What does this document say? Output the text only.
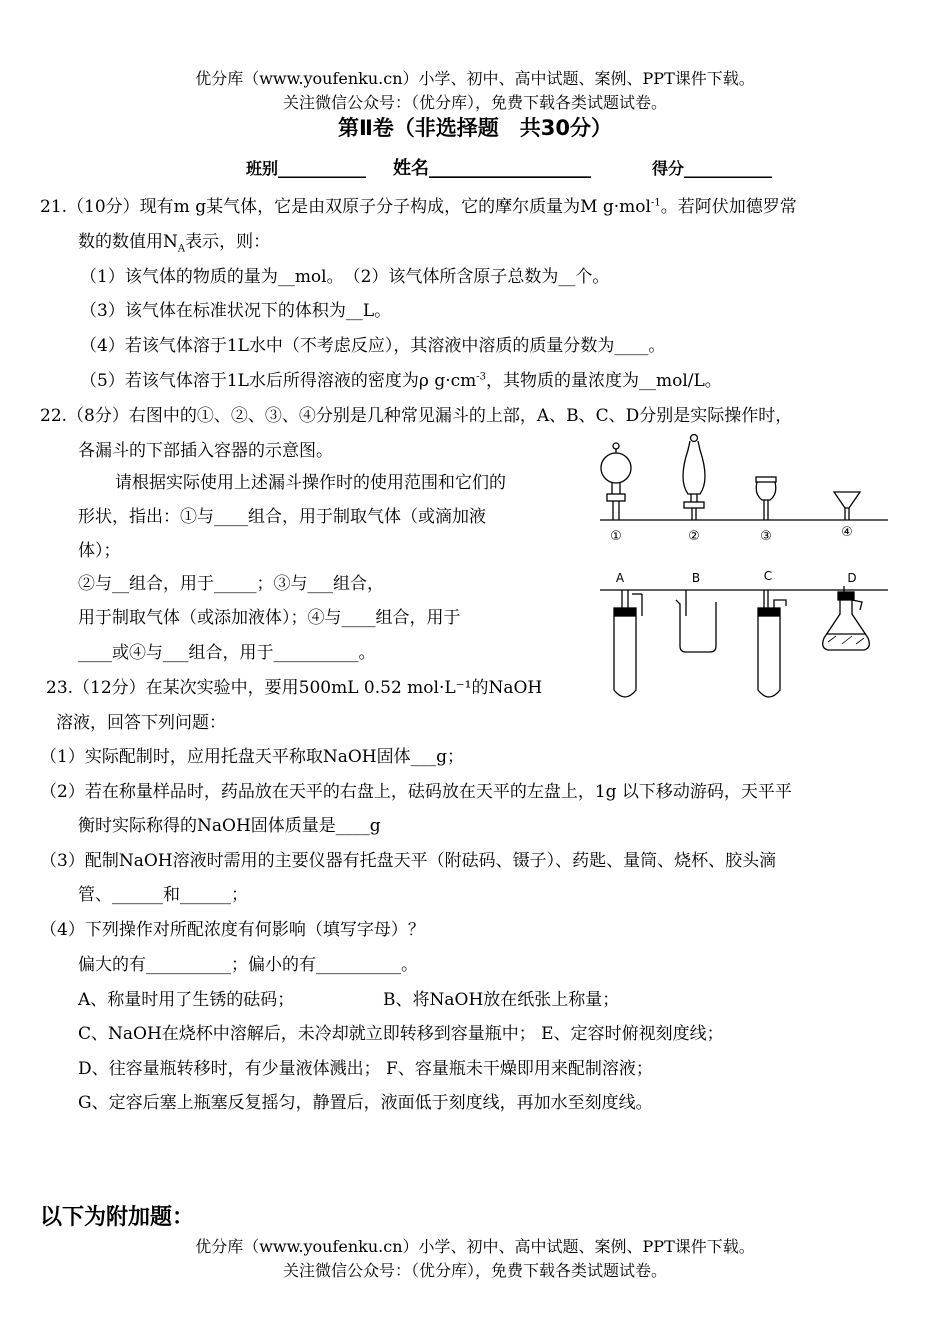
优分库（www.youfenku.cn）小学、初中、高中试题、案例、PPT课件下载。
关注微信公众号：（优分库），免费下载各类试题试卷。
第Ⅱ卷（非选择题　共30分）
班别___________ 姓名__________________	得分___________
21.（10分）现有m g某气体，它是由双原子分子构成，它的摩尔质量为M g·mol$^{-1}$。若阿伏加德罗常
数的数值用$N_A$表示，则：
（1）该气体的物质的量为__mol。　（2）该气体所含原子总数为__个。
（3）该气体在标准状况下的体积为__L。
（4）若该气体溶于1L水中（不考虑反应），其溶液中溶质的质量分数为____。
（5）若该气体溶于1L水后所得溶液的密度为ρ $g\cdot cm^{-3}$，其物质的量浓度为__mol/L。
22.（8分）右图中的①、②、③、④分别是几种常见漏斗的上部，A、B、C、D分别是实际操作时，
各漏斗的下部插入容器的示意图。
请根据实际使用上述漏斗操作时的使用范围和它们的
形状，指出：①与____组合，用于制取气体（或滴加液
体）；
②与__组合，用于_____；③与___组合，
用于制取气体（或添加液体）；④与____组合，用于
____或④与___组合，用于__________。
①	②	③	④
A	B	C	D
23.（12分）在某次实验中，要用500mL 0.52 mol·L⁻¹的NaOH
溶液，回答下列问题：
（1）实际配制时，应用托盘天平称取NaOH固体___g；
（2）若在称量样品时，药品放在天平的右盘上，砝码放在天平的左盘上，1g 以下移动游码，天平平
衡时实际称得的NaOH固体质量是____g
（3）配制NaOH溶液时需用的主要仪器有托盘天平（附砝码、镊子）、药匙、量筒、烧杯、胶头滴
管、______和______；
（4）下列操作对所配浓度有何影响（填写字母）？
偏大的有__________；偏小的有__________。
A、称量时用了生锈的砝码；	B、将NaOH放在纸张上称量；
C、NaOH在烧杯中溶解后，未冷却就立即转移到容量瓶中； E、定容时俯视刻度线；
D、往容量瓶转移时，有少量液体溅出； F、容量瓶未干燥即用来配制溶液；
G、定容后塞上瓶塞反复摇匀，静置后，液面低于刻度线，再加水至刻度线。
以下为附加题：
优分库（www.youfenku.cn）小学、初中、高中试题、案例、PPT课件下载。
关注微信公众号：（优分库），免费下载各类试题试卷。
